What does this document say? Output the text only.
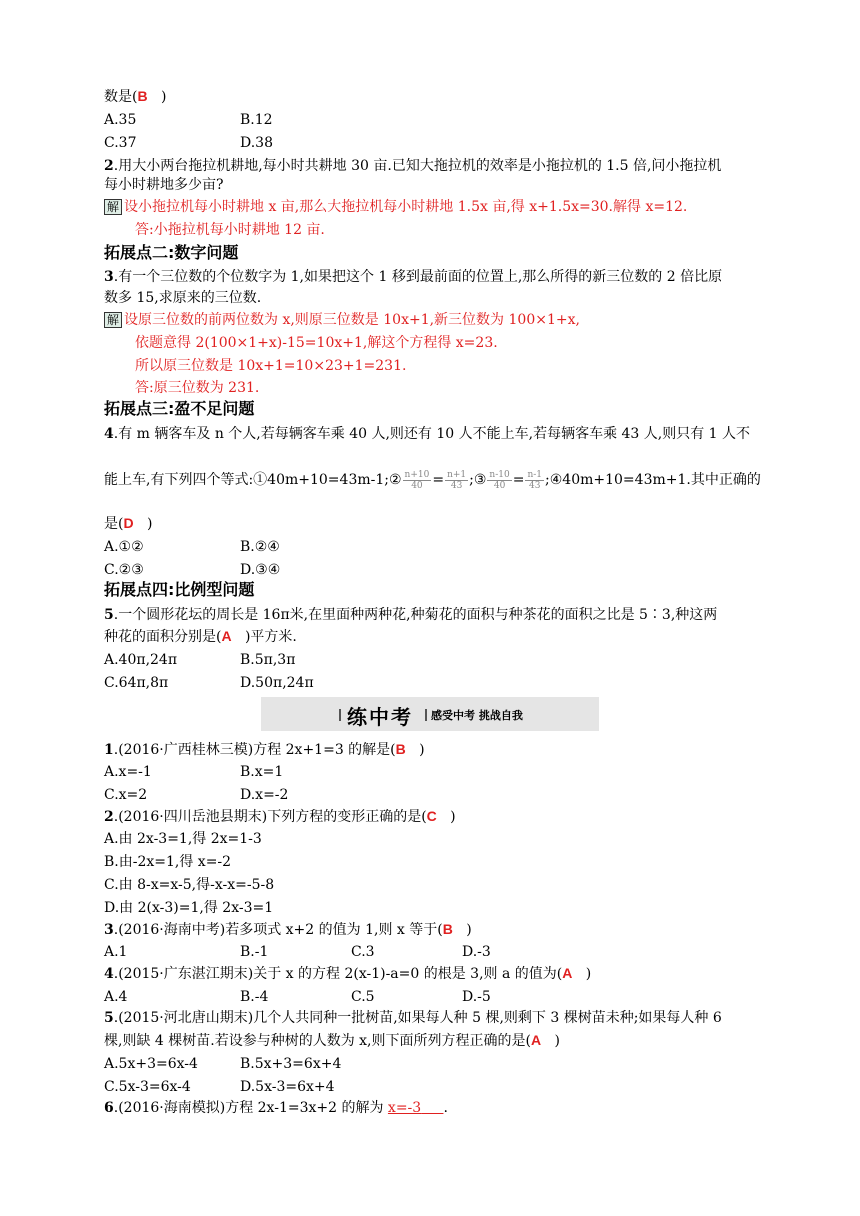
数是(B )
A.35	B.12
C.37	D.38
2.用大小两台拖拉机耕地,每小时共耕地 30 亩.已知大拖拉机的效率是小拖拉机的 1.5 倍,问小拖拉机
每小时耕地多少亩?
解 设小拖拉机每小时耕地 x 亩,那么大拖拉机每小时耕地 1.5x 亩,得 x+1.5x=30.解得 x=12.
答:小拖拉机每小时耕地 12 亩.
拓展点二:数字问题
3.有一个三位数的个位数字为 1,如果把这个 1 移到最前面的位置上,那么所得的新三位数的 2 倍比原
数多 15,求原来的三位数.
解 设原三位数的前两位数为 x,则原三位数是 10x+1,新三位数为 100×1+x,
依题意得 2(100×1+x)-15=10x+1,解这个方程得 x=23.
所以原三位数是 10x+1=10×23+1=231.
答:原三位数为 231.
拓展点三:盈不足问题
4.有 m 辆客车及 n 个人,若每辆客车乘 40 人,则还有 10 人不能上车,若每辆客车乘 43 人,则只有 1 人不
能上车,有下列四个等式:①40m+10=43m-1;② $\frac{n+10}{40} = \frac{n+1}{43}$ ;③ $\frac{n-10}{40} = \frac{n-1}{43}$ ;④40m+10=43m+1.其中正确的
是(D )
A.①②	B.②④
C.②③	D.③④
拓展点四:比例型问题
5.一个圆形花坛的周长是 16π米,在里面种两种花,种菊花的面积与种茶花的面积之比是 5∶3,种这两
种花的面积分别是(A )平方米.
A.40π,24π	B.5π,3π
C.64π,8π	D.50π,24π
练中考 感受中考 挑战自我
1.(2016·广西桂林三模)方程 2x+1=3 的解是(B )
A.x=-1	B.x=1
C.x=2	D.x=-2
2.(2016·四川岳池县期末)下列方程的变形正确的是(C )
A.由 2x-3=1,得 2x=1-3
B.由-2x=1,得 x=-2
C.由 8-x=x-5,得-x-x=-5-8
D.由 2(x-3)=1,得 2x-3=1
3.(2016·海南中考)若多项式 x+2 的值为 1,则 x 等于(B )
A.1	B.-1	C.3	D.-3
4.(2015·广东湛江期末)关于 x 的方程 2(x-1)-a=0 的根是 3,则 a 的值为(A )
A.4	B.-4	C.5	D.-5
5.(2015·河北唐山期末)几个人共同种一批树苗,如果每人种 5 棵,则剩下 3 棵树苗未种;如果每人种 6
棵,则缺 4 棵树苗.若设参与种树的人数为 x,则下面所列方程正确的是(A )
A.5x+3=6x-4	B.5x+3=6x+4
C.5x-3=6x-4	D.5x-3=6x+4
6.(2016·海南模拟)方程 2x-1=3x+2 的解为 x=-3 .
